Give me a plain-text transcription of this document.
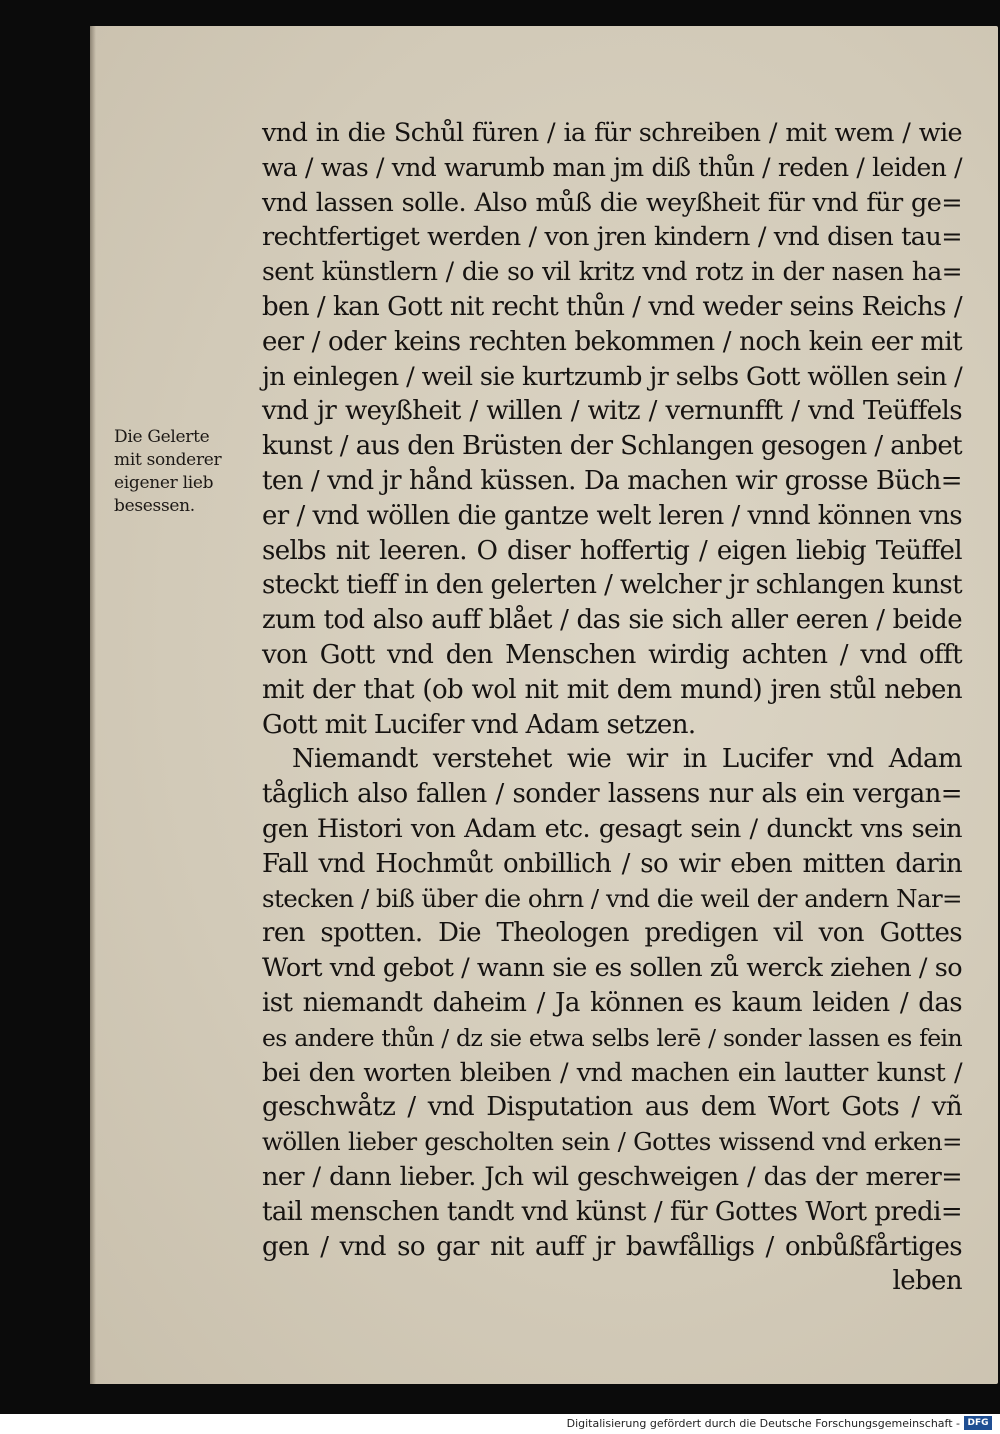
Die Gelerte
mit sonderer
eigener lieb
besessen.
vnd in die Schůl füren / ia für schreiben / mit wem / wie
wa / was / vnd warumb man jm diß thůn / reden / leiden /
vnd lassen solle. Also můß die weyßheit für vnd für ge=
rechtfertiget werden / von jren kindern / vnd disen tau=
sent künstlern / die so vil kritz vnd rotz in der nasen ha=
ben / kan Gott nit recht thůn / vnd weder seins Reichs /
eer / oder keins rechten bekommen / noch kein eer mit
jn einlegen / weil sie kurtzumb jr selbs Gott wöllen sein /
vnd jr weyßheit / willen / witz / vernunfft / vnd Teüffels
kunst / aus den Brüsten der Schlangen gesogen / anbet
ten / vnd jr hånd küssen. Da machen wir grosse Büch=
er / vnd wöllen die gantze welt leren / vnnd können vns
selbs nit leeren. O diser hoffertig / eigen liebig Teüffel
steckt tieff in den gelerten / welcher jr schlangen kunst
zum tod also auff blået / das sie sich aller eeren / beide
von Gott vnd den Menschen wirdig achten / vnd offt
mit der that (ob wol nit mit dem mund) jren stůl neben
Gott mit Lucifer vnd Adam setzen.
Niemandt verstehet wie wir in Lucifer vnd Adam
tåglich also fallen / sonder lassens nur als ein vergan=
gen Histori von Adam etc. gesagt sein / dunckt vns sein
Fall vnd Hochmůt onbillich / so wir eben mitten darin
stecken / biß über die ohrn / vnd die weil der andern Nar=
ren spotten. Die Theologen predigen vil von Gottes
Wort vnd gebot / wann sie es sollen zů werck ziehen / so
ist niemandt daheim / Ja können es kaum leiden / das
es andere thůn / dz sie etwa selbs lerē / sonder lassen es fein
bei den worten bleiben / vnd machen ein lautter kunst /
geschwåtz / vnd Disputation aus dem Wort Gots / vñ
wöllen lieber gescholten sein / Gottes wissend vnd erken=
ner / dann lieber. Jch wil geschweigen / das der merer=
tail menschen tandt vnd künst / für Gottes Wort predi=
gen / vnd so gar nit auff jr bawfålligs / onbůßfårtiges
leben
Digitalisierung gefördert durch die Deutsche Forschungsgemeinschaft - DFG
